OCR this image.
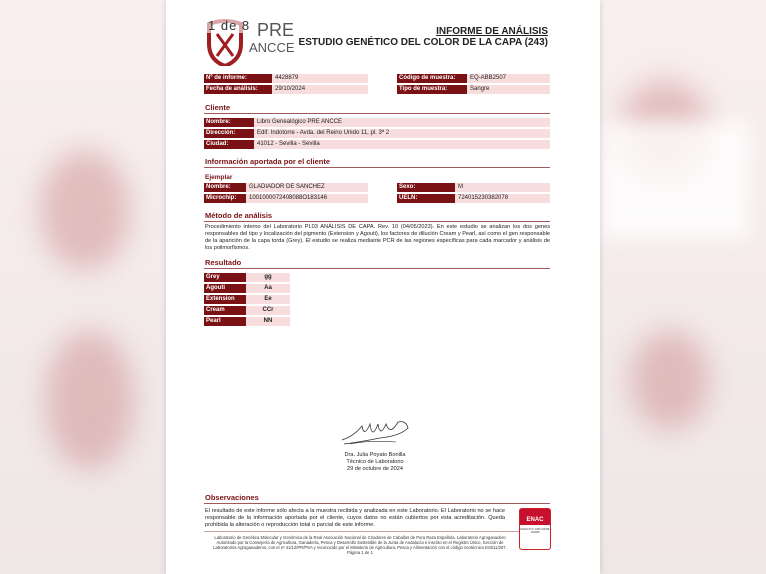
PRE
ANCCE
1 de 8	INFORME DE ANÁLISIS
ESTUDIO GENÉTICO DEL COLOR DE LA CAPA (243)
Nº de informe:	4428879
Fecha de análisis:	29/10/2024
Código de muestra:	EQ-ABB2507
Tipo de muestra:	Sangre
Cliente
Nombre:	Libro Genealógico PRE ANCCE
Dirección:	Edif. Indotorre - Avda. del Reino Unido 11, pl. 3ª 2
Ciudad:	41012 - Sevilla - Sevilla
Información aportada por el cliente
Ejemplar
Nombre:	GLADIADOR DE SANCHEZ
Microchip:	1001000072408088O183146
Sexo:	M
UELN:	724015230382078
Método de análisis
Procedimiento interno del Laboratorio PL03 ANÁLISIS DE CAPA. Rev. 10 (04/05/2023). En este estudio se analizan los dos genes responsables del tipo y localización del pigmento (Extension y Agouti), los factores de dilución Cream y Pearl, así como el gen responsable de la aparición de la capa torda (Grey). El estudio se realiza mediante PCR de las regiones específicas para cada marcador y análisis de los polimorfismos.
Resultado
Grey	gg
Agouti	Aa
Extension	Ee
Cream	CCr
Pearl	NN
Dra. Julia Poyato Bonilla
Técnico de Laboratorio
29 de octubre de 2024
Observaciones
El resultado de este informe sólo afecta a la muestra recibida y analizada en este Laboratorio. El Laboratorio no se hace responsable de la información aportada por el cliente, cuyos datos no están cubiertos por esta acreditación. Queda prohibida la alteración o reproducción total o parcial de este informe.
Laboratorio de Genética Molecular y Genómica de la Real Asociación Nacional de Criadores de Caballos de Pura Raza Española. Laboratorio Agroganadero Autorizado por la Consejería de Agricultura, Ganadería, Pesca y Desarrollo Sostenible de la Junta de Andalucía e inscrito en el Registro Único, Sección de Laboratorios Agroganaderos, con el nº 41/12/PR/PSA y reconocido por el Ministerio de Agricultura, Pesca y Alimentación con el código zootécnico ES011/207.
Página 1 de 1
ENAC
ENSAYO Nº 1065 IGF/RE 12/2068
